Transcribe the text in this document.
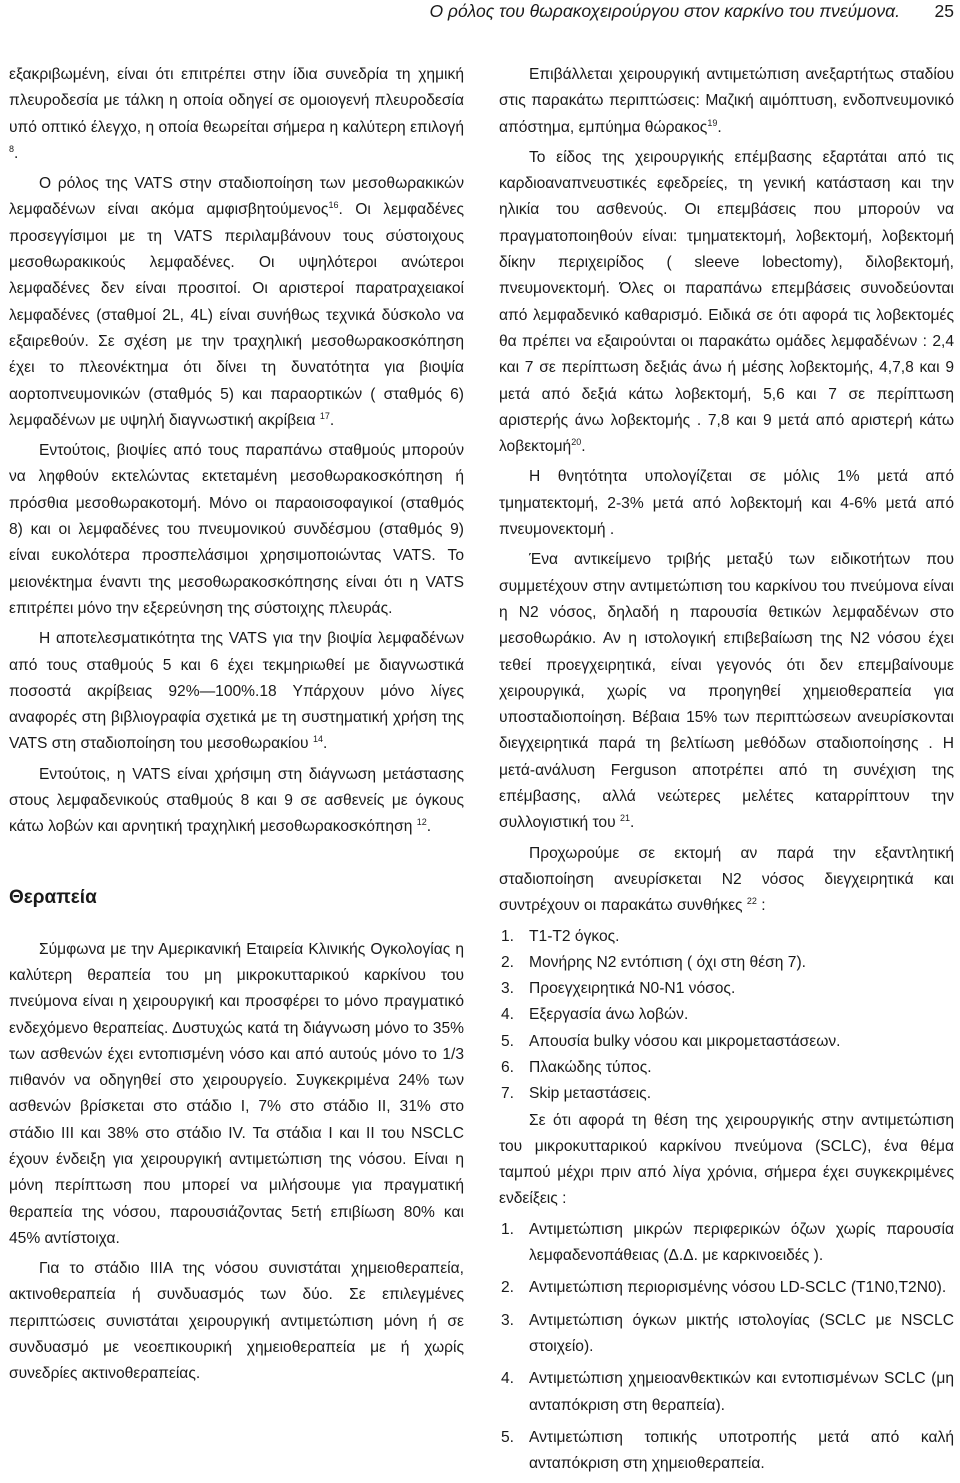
Ο ρόλος του θωρακοχειρούργου στον καρκίνο του πνεύμονα. 25

εξακριβωμένη, είναι ότι επιτρέπει στην ίδια συνεδρία τη χημική πλευροδεσία με τάλκη η οποία οδηγεί σε ομοιογενή πλευροδεσία υπό οπτικό έλεγχο, η οποία θεωρείται σήμερα η καλύτερη επιλογή $^8$.

Ο ρόλος της VATS στην σταδιοποίηση των μεσοθωρακικών λεμφαδένων είναι ακόμα αμφισβητούμενος$^{16}$. Οι λεμφαδένες προσεγγίσιμοι με τη VATS περιλαμβάνουν τους σύστοιχους μεσοθωρακικούς λεμφαδένες. Οι υψηλότεροι ανώτεροι λεμφαδένες δεν είναι προσιτοί. Οι αριστεροί παρατραχειακοί λεμφαδένες (σταθμοί 2L, 4L) είναι συνήθως τεχνικά δύσκολο να εξαιρεθούν. Σε σχέση με την τραχηλική μεσοθωρακοσκόπηση έχει το πλεονέκτημα ότι δίνει τη δυνατότητα για βιοψία αορτοπνευμονικών (σταθμός 5) και παραορτικών ( σταθμός 6) λεμφαδένων με υψηλή διαγνωστική ακρίβεια $^{17}$.

Εντούτοις, βιοψίες από τους παραπάνω σταθμούς μπορούν να ληφθούν εκτελώντας εκτεταμένη μεσοθωρακοσκόπηση ή πρόσθια μεσοθωρακοτομή. Μόνο οι παραοισοφαγικοί (σταθμός 8) και οι λεμφαδένες του πνευμονικού συνδέσμου (σταθμός 9) είναι ευκολότερα προσπελάσιμοι χρησιμοποιώντας VATS. Το μειονέκτημα έναντι της μεσοθωρακοσκόπησης είναι ότι η VATS επιτρέπει μόνο την εξερεύνηση της σύστοιχης πλευράς.

Η αποτελεσματικότητα της VATS για την βιοψία λεμφαδένων από τους σταθμούς 5 και 6 έχει τεκμηριωθεί με διαγνωστικά ποσοστά ακρίβειας 92%—100%.18 Υπάρχουν μόνο λίγες αναφορές στη βιβλιογραφία σχετικά με τη συστηματική χρήση της VATS στη σταδιοποίηση του μεσοθωρακίου $^{14}$.

Εντούτοις, η VATS είναι χρήσιμη στη διάγνωση μετάστασης στους λεμφαδενικούς σταθμούς 8 και 9 σε ασθενείς με όγκους κάτω λοβών και αρνητική τραχηλική μεσοθωρακοσκόπηση $^{12}$.

Θεραπεία

Σύμφωνα με την Αμερικανική Εταιρεία Κλινικής Ογκολογίας η καλύτερη θεραπεία του μη μικροκυτταρικού καρκίνου του πνεύμονα είναι η χειρουργική και προσφέρει το μόνο πραγματικό ενδεχόμενο θεραπείας. Δυστυχώς κατά τη διάγνωση μόνο το 35% των ασθενών έχει εντοπισμένη νόσο και από αυτούς μόνο το 1/3 πιθανόν να οδηγηθεί στο χειρουργείο. Συγκεκριμένα 24% των ασθενών βρίσκεται στο στάδιο Ι, 7% στο στάδιο ΙΙ, 31% στο στάδιο ΙΙΙ και 38% στο στάδιο IV. Τα στάδια Ι και ΙΙ του NSCLC έχουν ένδειξη για χειρουργική αντιμετώπιση της νόσου. Είναι η μόνη περίπτωση που μπορεί να μιλήσουμε για πραγματική θεραπεία της νόσου, παρουσιάζοντας 5ετή επιβίωση 80% και 45% αντίστοιχα.

Για το στάδιο ΙΙΙΑ της νόσου συνιστάται χημειοθεραπεία, ακτινοθεραπεία ή συνδυασμός των δύο. Σε επιλεγμένες περιπτώσεις συνιστάται χειρουργική αντιμετώπιση μόνη ή σε συνδυασμό με νεοεπικουρική χημειοθεραπεία με ή χωρίς συνεδρίες ακτινοθεραπείας.

Επιβάλλεται χειρουργική αντιμετώπιση ανεξαρτήτως σταδίου στις παρακάτω περιπτώσεις: Μαζική αιμόπτυση, ενδοπνευμονικό απόστημα, εμπύημα θώρακος$^{19}$.

Το είδος της χειρουργικής επέμβασης εξαρτάται από τις καρδιοαναπνευστικές εφεδρείες, τη γενική κατάσταση και την ηλικία του ασθενούς. Οι επεμβάσεις που μπορούν να πραγματοποιηθούν είναι: τμηματεκτομή, λοβεκτομή, λοβεκτομή δίκην περιχειρίδος ( sleeve lobectomy), διλοβεκτομή, πνευμονεκτομή. Όλες οι παραπάνω επεμβάσεις συνοδεύονται από λεμφαδενικό καθαρισμό. Ειδικά σε ότι αφορά τις λοβεκτομές θα πρέπει να εξαιρούνται οι παρακάτω ομάδες λεμφαδένων : 2,4 και 7 σε περίπτωση δεξιάς άνω ή μέσης λοβεκτομής, 4,7,8 και 9 μετά από δεξιά κάτω λοβεκτομή, 5,6 και 7 σε περίπτωση αριστερής άνω λοβεκτομής . 7,8 και 9 μετά από αριστερή κάτω λοβεκτομή$^{20}$.

Η θνητότητα υπολογίζεται σε μόλις 1% μετά από τμηματεκτομή, 2-3% μετά από λοβεκτομή και 4-6% μετά από πνευμονεκτομή .

Ένα αντικείμενο τριβής μεταξύ των ειδικοτήτων που συμμετέχουν στην αντιμετώπιση του καρκίνου του πνεύμονα είναι η Ν2 νόσος, δηλαδή η παρουσία θετικών λεμφαδένων στο μεσοθωράκιο. Αν η ιστολογική επιβεβαίωση της Ν2 νόσου έχει τεθεί προεγχειρητικά, είναι γεγονός ότι δεν επεμβαίνουμε χειρουργικά, χωρίς να προηγηθεί χημειοθεραπεία για υποσταδιοποίηση. Βέβαια 15% των περιπτώσεων ανευρίσκονται διεγχειρητικά παρά τη βελτίωση μεθόδων σταδιοποίησης . Η μετά-ανάλυση Ferguson αποτρέπει από τη συνέχιση της επέμβασης, αλλά νεώτερες μελέτες καταρρίπτουν την συλλογιστική του $^{21}$.

Προχωρούμε σε εκτομή αν παρά την εξαντλητική σταδιοποίηση ανευρίσκεται Ν2 νόσος διεγχειρητικά και συντρέχουν οι παρακάτω συνθήκες $^{22}$ :

1. Τ1-Τ2 όγκος.
2. Μονήρης Ν2 εντόπιση ( όχι στη θέση 7).
3. Προεγχειρητικά Ν0-Ν1 νόσος.
4. Εξεργασία άνω λοβών.
5. Απουσία bulky νόσου και μικρομεταστάσεων.
6. Πλακώδης τύπος.
7. Skip μεταστάσεις.

Σε ότι αφορά τη θέση της χειρουργικής στην αντιμετώπιση του μικροκυτταρικού καρκίνου πνεύμονα (SCLC), ένα θέμα ταμπού μέχρι πριν από λίγα χρόνια, σήμερα έχει συγκεκριμένες ενδείξεις :

1. Αντιμετώπιση μικρών περιφερικών όζων χωρίς παρουσία λεμφαδενοπάθειας (Δ.Δ. με καρκινοειδές ).
2. Αντιμετώπιση περιορισμένης νόσου LD-SCLC (Τ1Ν0,Τ2Ν0).
3. Αντιμετώπιση όγκων μικτής ιστολογίας (SCLC με NSCLC στοιχείο).
4. Αντιμετώπιση χημειοανθεκτικών και εντοπισμένων SCLC (μη ανταπόκριση στη θεραπεία).
5. Αντιμετώπιση τοπικής υποτροπής μετά από καλή ανταπόκριση στη χημειοθεραπεία.
